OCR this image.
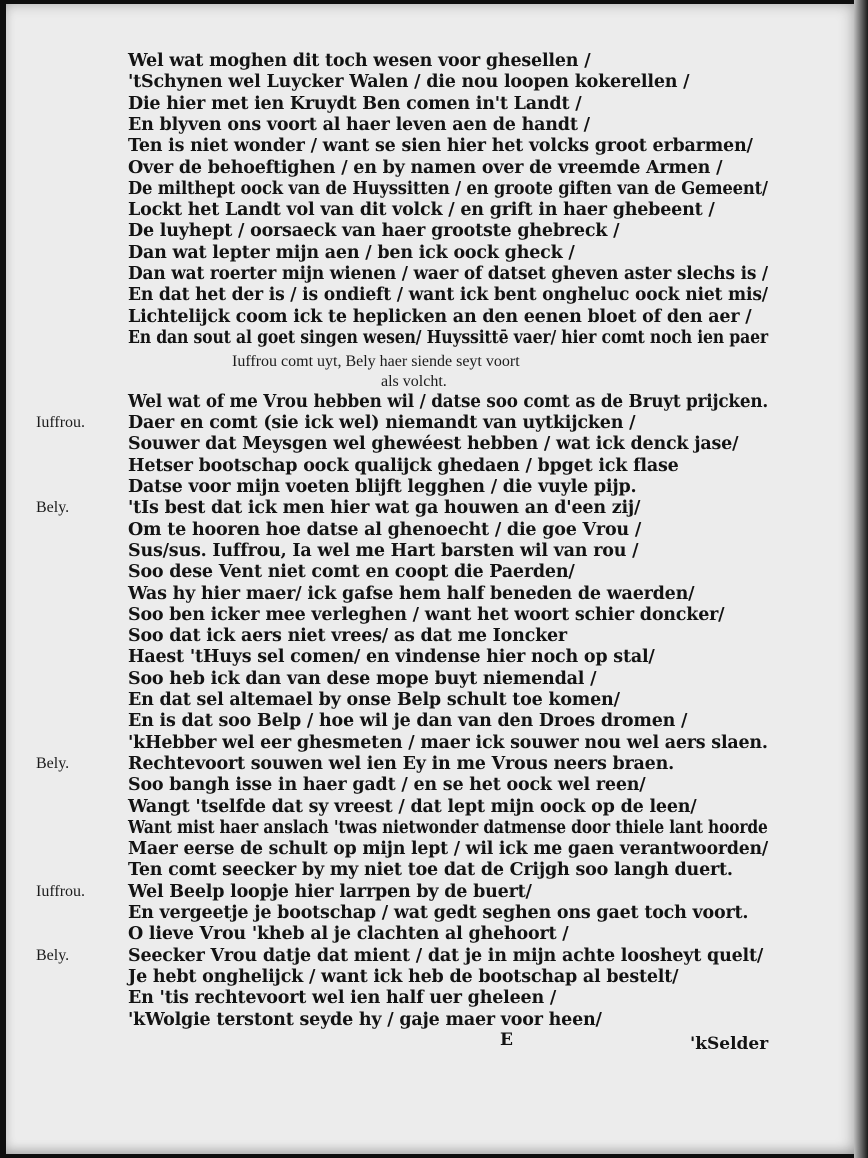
Wel wat moghen dit toch wesen voor ghesellen /
'tSchynen wel Luycker Walen / die nou loopen kokerellen /
Die hier met ien Kruydt Ben comen in't Landt /
En blyven ons voort al haer leven aen de handt /
Ten is niet wonder / want se sien hier het volcks groot erbarmen/
Over de behoeftighen / en by namen over de vreemde Armen /
De milthept oock van de Huyssitten / en groote giften van de Gemeent/
Lockt het Landt vol van dit volck / en grift in haer ghebeent /
De luyhept / oorsaeck van haer grootste ghebreck /
Dan wat lepter mijn aen / ben ick oock gheck /
Dan wat roerter mijn wienen / waer of datset gheven aster slechs is /
En dat het der is / is ondieft / want ick bent ongheluc oock niet mis/
Lichtelijck coom ick te heplicken an den eenen bloet of den aer /
En dan sout al goet singen wesen/ Huyssittē vaer/ hier comt noch ien paer
Wel wat of me Vrou hebben wil / datse soo comt as de Bruyt prijcken.
Daer en comt (sie ick wel) niemandt van uytkijcken /
Souwer dat Meysgen wel ghewéest hebben / wat ick denck jase/
Hetser bootschap oock qualijck ghedaen / bpget ick flase
Datse voor mijn voeten blijft legghen / die vuyle pijp.
'tIs best dat ick men hier wat ga houwen an d'een zij/
Om te hooren hoe datse al ghenoecht / die goe Vrou /
Sus/sus. Iuffrou, Ia wel me Hart barsten wil van rou /
Soo dese Vent niet comt en coopt die Paerden/
Was hy hier maer/ ick gafse hem half beneden de waerden/
Soo ben icker mee verleghen / want het woort schier doncker/
Soo dat ick aers niet vrees/ as dat me Ioncker
Haest 'tHuys sel comen/ en vindense hier noch op stal/
Soo heb ick dan van dese mope buyt niemendal /
En dat sel altemael by onse Belp schult toe komen/
En is dat soo Belp / hoe wil je dan van den Droes dromen /
'kHebber wel eer ghesmeten / maer ick souwer nou wel aers slaen.
Rechtevoort souwen wel ien Ey in me Vrous neers braen.
Soo bangh isse in haer gadt / en se het oock wel reen/
Wangt 'tselfde dat sy vreest / dat lept mijn oock op de leen/
Want mist haer anslach 'twas nietwonder datmense door thiele lant hoorde
Maer eerse de schult op mijn lept / wil ick me gaen verantwoorden/
Ten comt seecker by my niet toe dat de Crijgh soo langh duert.
Wel Beelp loopje hier larrpen by de buert/
En vergeetje je bootschap / wat gedt seghen ons gaet toch voort.
O lieve Vrou 'kheb al je clachten al ghehoort /
Seecker Vrou datje dat mient / dat je in mijn achte loosheyt quelt/
Je hebt onghelijck / want ick heb de bootschap al bestelt/
En 'tis rechtevoort wel ien half uer gheleen /
'kWolgie terstont seyde hy / gaje maer voor heen/
Iuffrou comt uyt, Bely haer siende seyt voort
als volcht.
Iuffrou.
Bely.
Bely.
Iuffrou.
Bely.
E	'kSelder
